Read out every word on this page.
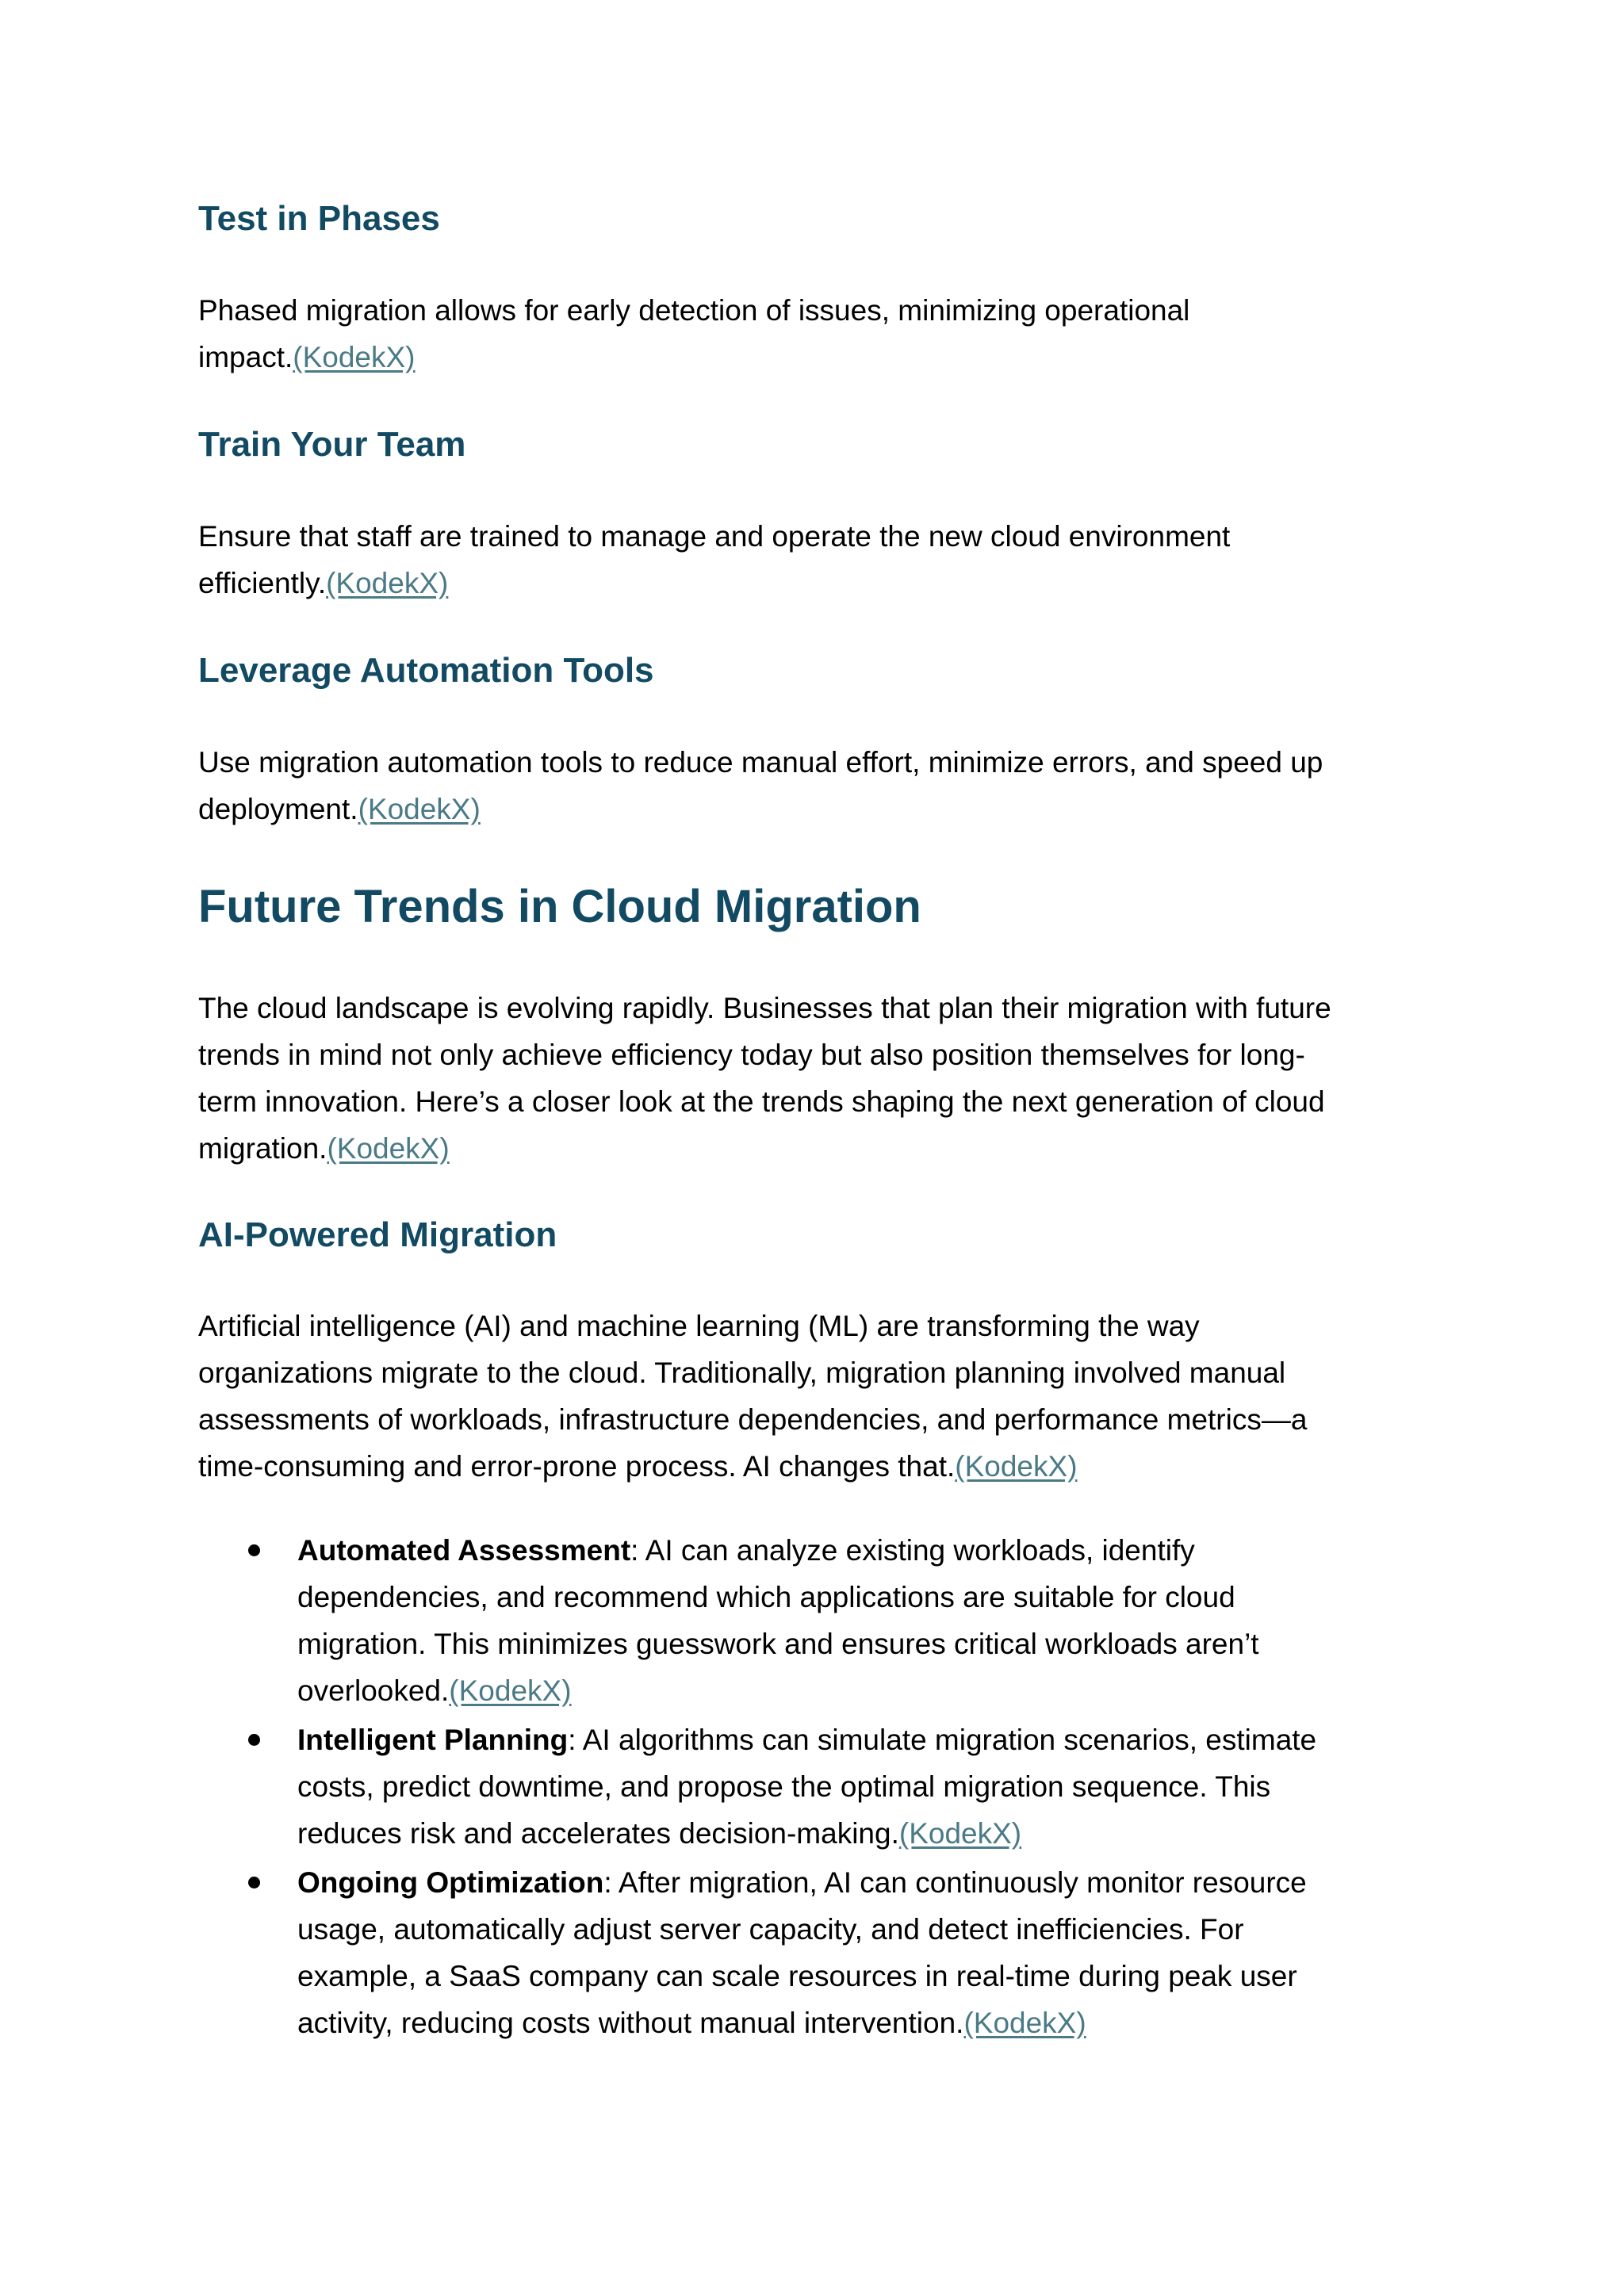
Test in Phases
Phased migration allows for early detection of issues, minimizing operational
impact.(KodekX)
Train Your Team
Ensure that staff are trained to manage and operate the new cloud environment
efficiently.(KodekX)
Leverage Automation Tools
Use migration automation tools to reduce manual effort, minimize errors, and speed up
deployment.(KodekX)
Future Trends in Cloud Migration
The cloud landscape is evolving rapidly. Businesses that plan their migration with future
trends in mind not only achieve efficiency today but also position themselves for long-
term innovation. Here’s a closer look at the trends shaping the next generation of cloud
migration.(KodekX)
AI-Powered Migration
Artificial intelligence (AI) and machine learning (ML) are transforming the way
organizations migrate to the cloud. Traditionally, migration planning involved manual
assessments of workloads, infrastructure dependencies, and performance metrics—a
time-consuming and error-prone process. AI changes that.(KodekX)
Automated Assessment: AI can analyze existing workloads, identify
dependencies, and recommend which applications are suitable for cloud
migration. This minimizes guesswork and ensures critical workloads aren’t
overlooked.(KodekX)
Intelligent Planning: AI algorithms can simulate migration scenarios, estimate
costs, predict downtime, and propose the optimal migration sequence. This
reduces risk and accelerates decision-making.(KodekX)
Ongoing Optimization: After migration, AI can continuously monitor resource
usage, automatically adjust server capacity, and detect inefficiencies. For
example, a SaaS company can scale resources in real-time during peak user
activity, reducing costs without manual intervention.(KodekX)
